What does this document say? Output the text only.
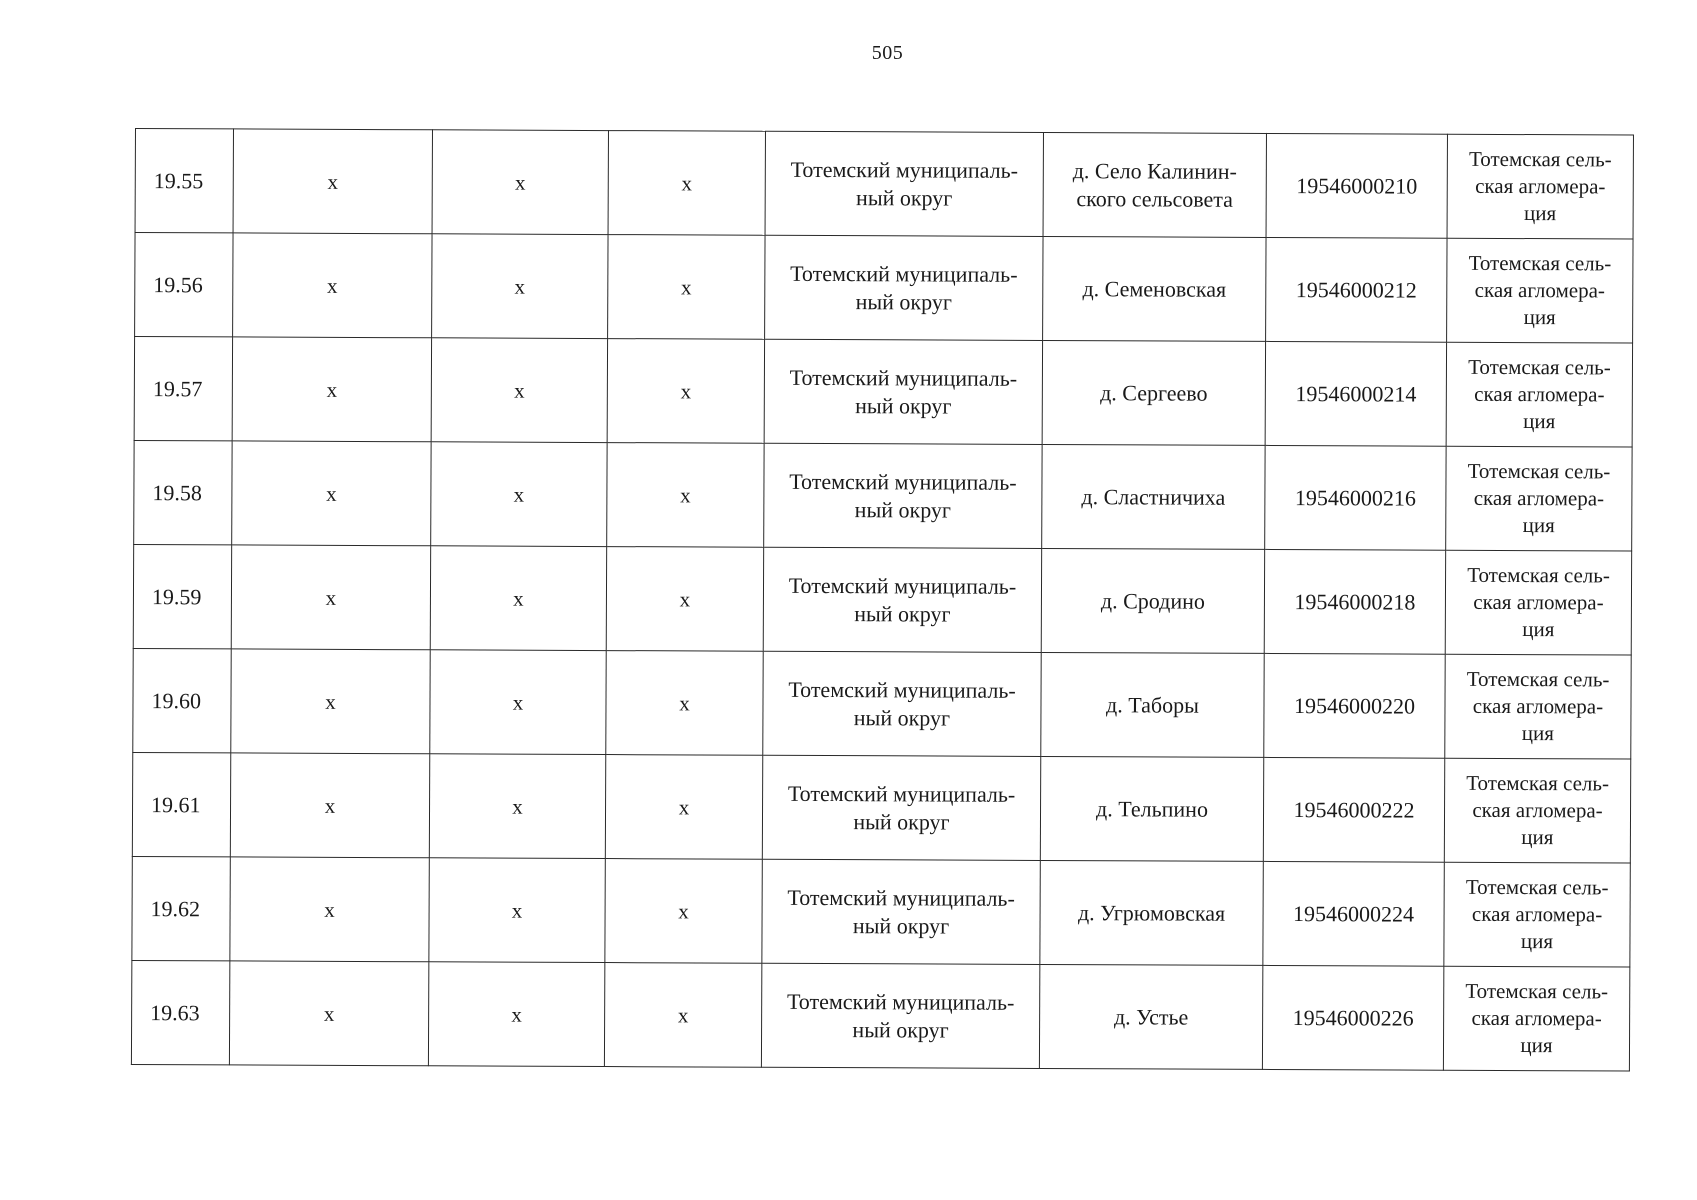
505
19.55	x	x	x	Тотемский муниципаль-
ный округ	д. Село Калинин-
ского сельсовета	19546000210	Тотемская сель-
ская агломера-
ция

19.56	x	x	x	Тотемский муниципаль-
ный округ	д. Семеновская	19546000212	Тотемская сель-
ская агломера-
ция

19.57	x	x	x	Тотемский муниципаль-
ный округ	д. Сергеево	19546000214	Тотемская сель-
ская агломера-
ция

19.58	x	x	x	Тотемский муниципаль-
ный округ	д. Сластничиха	19546000216	Тотемская сель-
ская агломера-
ция

19.59	x	x	x	Тотемский муниципаль-
ный округ	д. Сродино	19546000218	Тотемская сель-
ская агломера-
ция

19.60	x	x	x	Тотемский муниципаль-
ный округ	д. Таборы	19546000220	Тотемская сель-
ская агломера-
ция

19.61	x	x	x	Тотемский муниципаль-
ный округ	д. Тельпино	19546000222	Тотемская сель-
ская агломера-
ция

19.62	x	x	x	Тотемский муниципаль-
ный округ	д. Угрюмовская	19546000224	Тотемская сель-
ская агломера-
ция

19.63	x	x	x	Тотемский муниципаль-
ный округ	д. Устье	19546000226	Тотемская сель-
ская агломера-
ция
